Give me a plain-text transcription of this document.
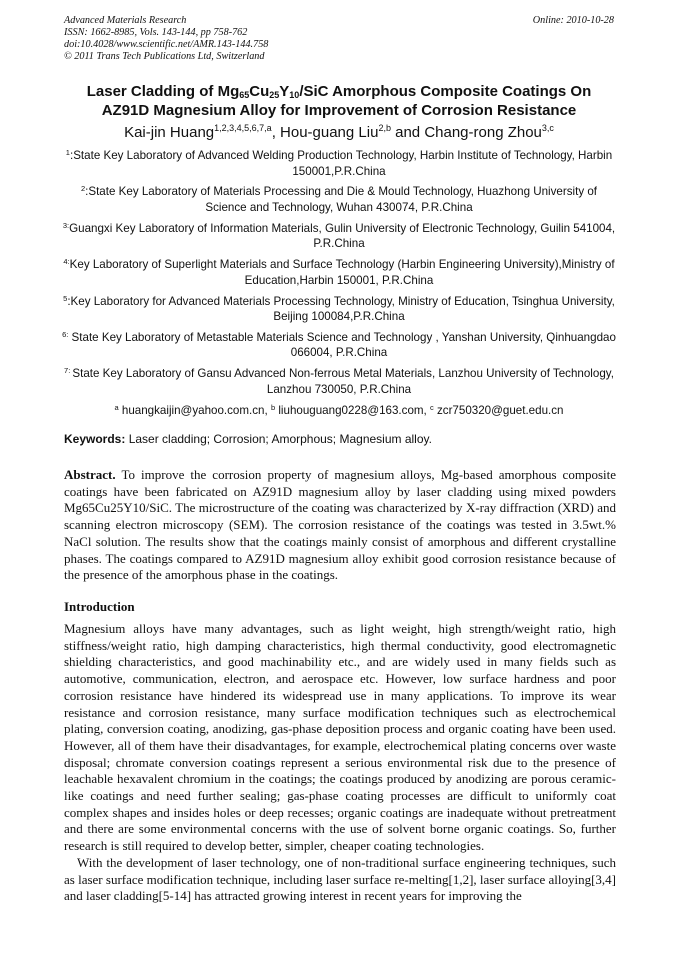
Advanced Materials Research
ISSN: 1662-8985, Vols. 143-144, pp 758-762
doi:10.4028/www.scientific.net/AMR.143-144.758
© 2011 Trans Tech Publications Ltd, Switzerland
Online: 2010-10-28
Laser Cladding of $Mg_{65}Cu_{25}Y_{10}$/SiC Amorphous Composite Coatings On
AZ91D Magnesium Alloy for Improvement of Corrosion Resistance
Kai-jin Huang$^{1,2,3,4,5,6,7,a}$, Hou-guang Liu$^{2,b}$ and Chang-rong Zhou$^{3,c}$
$^1$:State Key Laboratory of Advanced Welding Production Technology, Harbin Institute of Technology, Harbin 150001,P.R.China
$^2$:State Key Laboratory of Materials Processing and Die & Mould Technology, Huazhong University of Science and Technology, Wuhan 430074, P.R.China
$^{3:}$Guangxi Key Laboratory of Information Materials, Gulin University of Electronic Technology, Guilin 541004, P.R.China
$^{4:}$Key Laboratory of Superlight Materials and Surface Technology (Harbin Engineering University),Ministry of Education,Harbin 150001, P.R.China
$^5$:Key Laboratory for Advanced Materials Processing Technology, Ministry of Education, Tsinghua University, Beijing 100084,P.R.China
$^{6:}$ State Key Laboratory of Metastable Materials Science and Technology , Yanshan University, Qinhuangdao 066004, P.R.China
$^{7:}$ State Key Laboratory of Gansu Advanced Non-ferrous Metal Materials, Lanzhou University of Technology, Lanzhou 730050, P.R.China
$^a$ huangkaijin@yahoo.com.cn, $^b$ liuhouguang0228@163.com, $^c$ zcr750320@guet.edu.cn
Keywords: Laser cladding; Corrosion; Amorphous; Magnesium alloy.
Abstract. To improve the corrosion property of magnesium alloys, Mg-based amorphous composite coatings have been fabricated on AZ91D magnesium alloy by laser cladding using mixed powders Mg65Cu25Y10/SiC. The microstructure of the coating was characterized by X-ray diffraction (XRD) and scanning electron microscopy (SEM). The corrosion resistance of the coatings was tested in 3.5wt.% NaCl solution. The results show that the coatings mainly consist of amorphous and different crystalline phases. The coatings compared to AZ91D magnesium alloy exhibit good corrosion resistance because of the presence of the amorphous phase in the coatings.
Introduction

Magnesium alloys have many advantages, such as light weight, high strength/weight ratio, high stiffness/weight ratio, high damping characteristics, high thermal conductivity, good electromagnetic shielding characteristics, and good machinability etc., and are widely used in many fields such as automotive, communication, electron, and aerospace etc. However, low surface hardness and poor corrosion resistance have hindered its widespread use in many applications. To improve its wear resistance and corrosion resistance, many surface modification techniques such as electrochemical plating, conversion coating, anodizing, gas-phase deposition process and organic coating have been used. However, all of them have their disadvantages, for example, electrochemical plating concerns over waste disposal; chromate conversion coatings represent a serious environmental risk due to the presence of leachable hexavalent chromium in the coatings; the coatings produced by anodizing are porous ceramic-like coatings and need further sealing; gas-phase coating processes are difficult to uniformly coat complex shapes and insides holes or deep recesses; organic coatings are inadequate without pretreatment and there are some environmental concerns with the use of solvent borne organic coatings. So, further research is still required to develop better, simpler, cheaper coating technologies.

With the development of laser technology, one of non-traditional surface engineering techniques, such as laser surface modification technique, including laser surface re-melting[1,2], laser surface alloying[3,4] and laser cladding[5-14] has attracted growing interest in recent years for improving the
